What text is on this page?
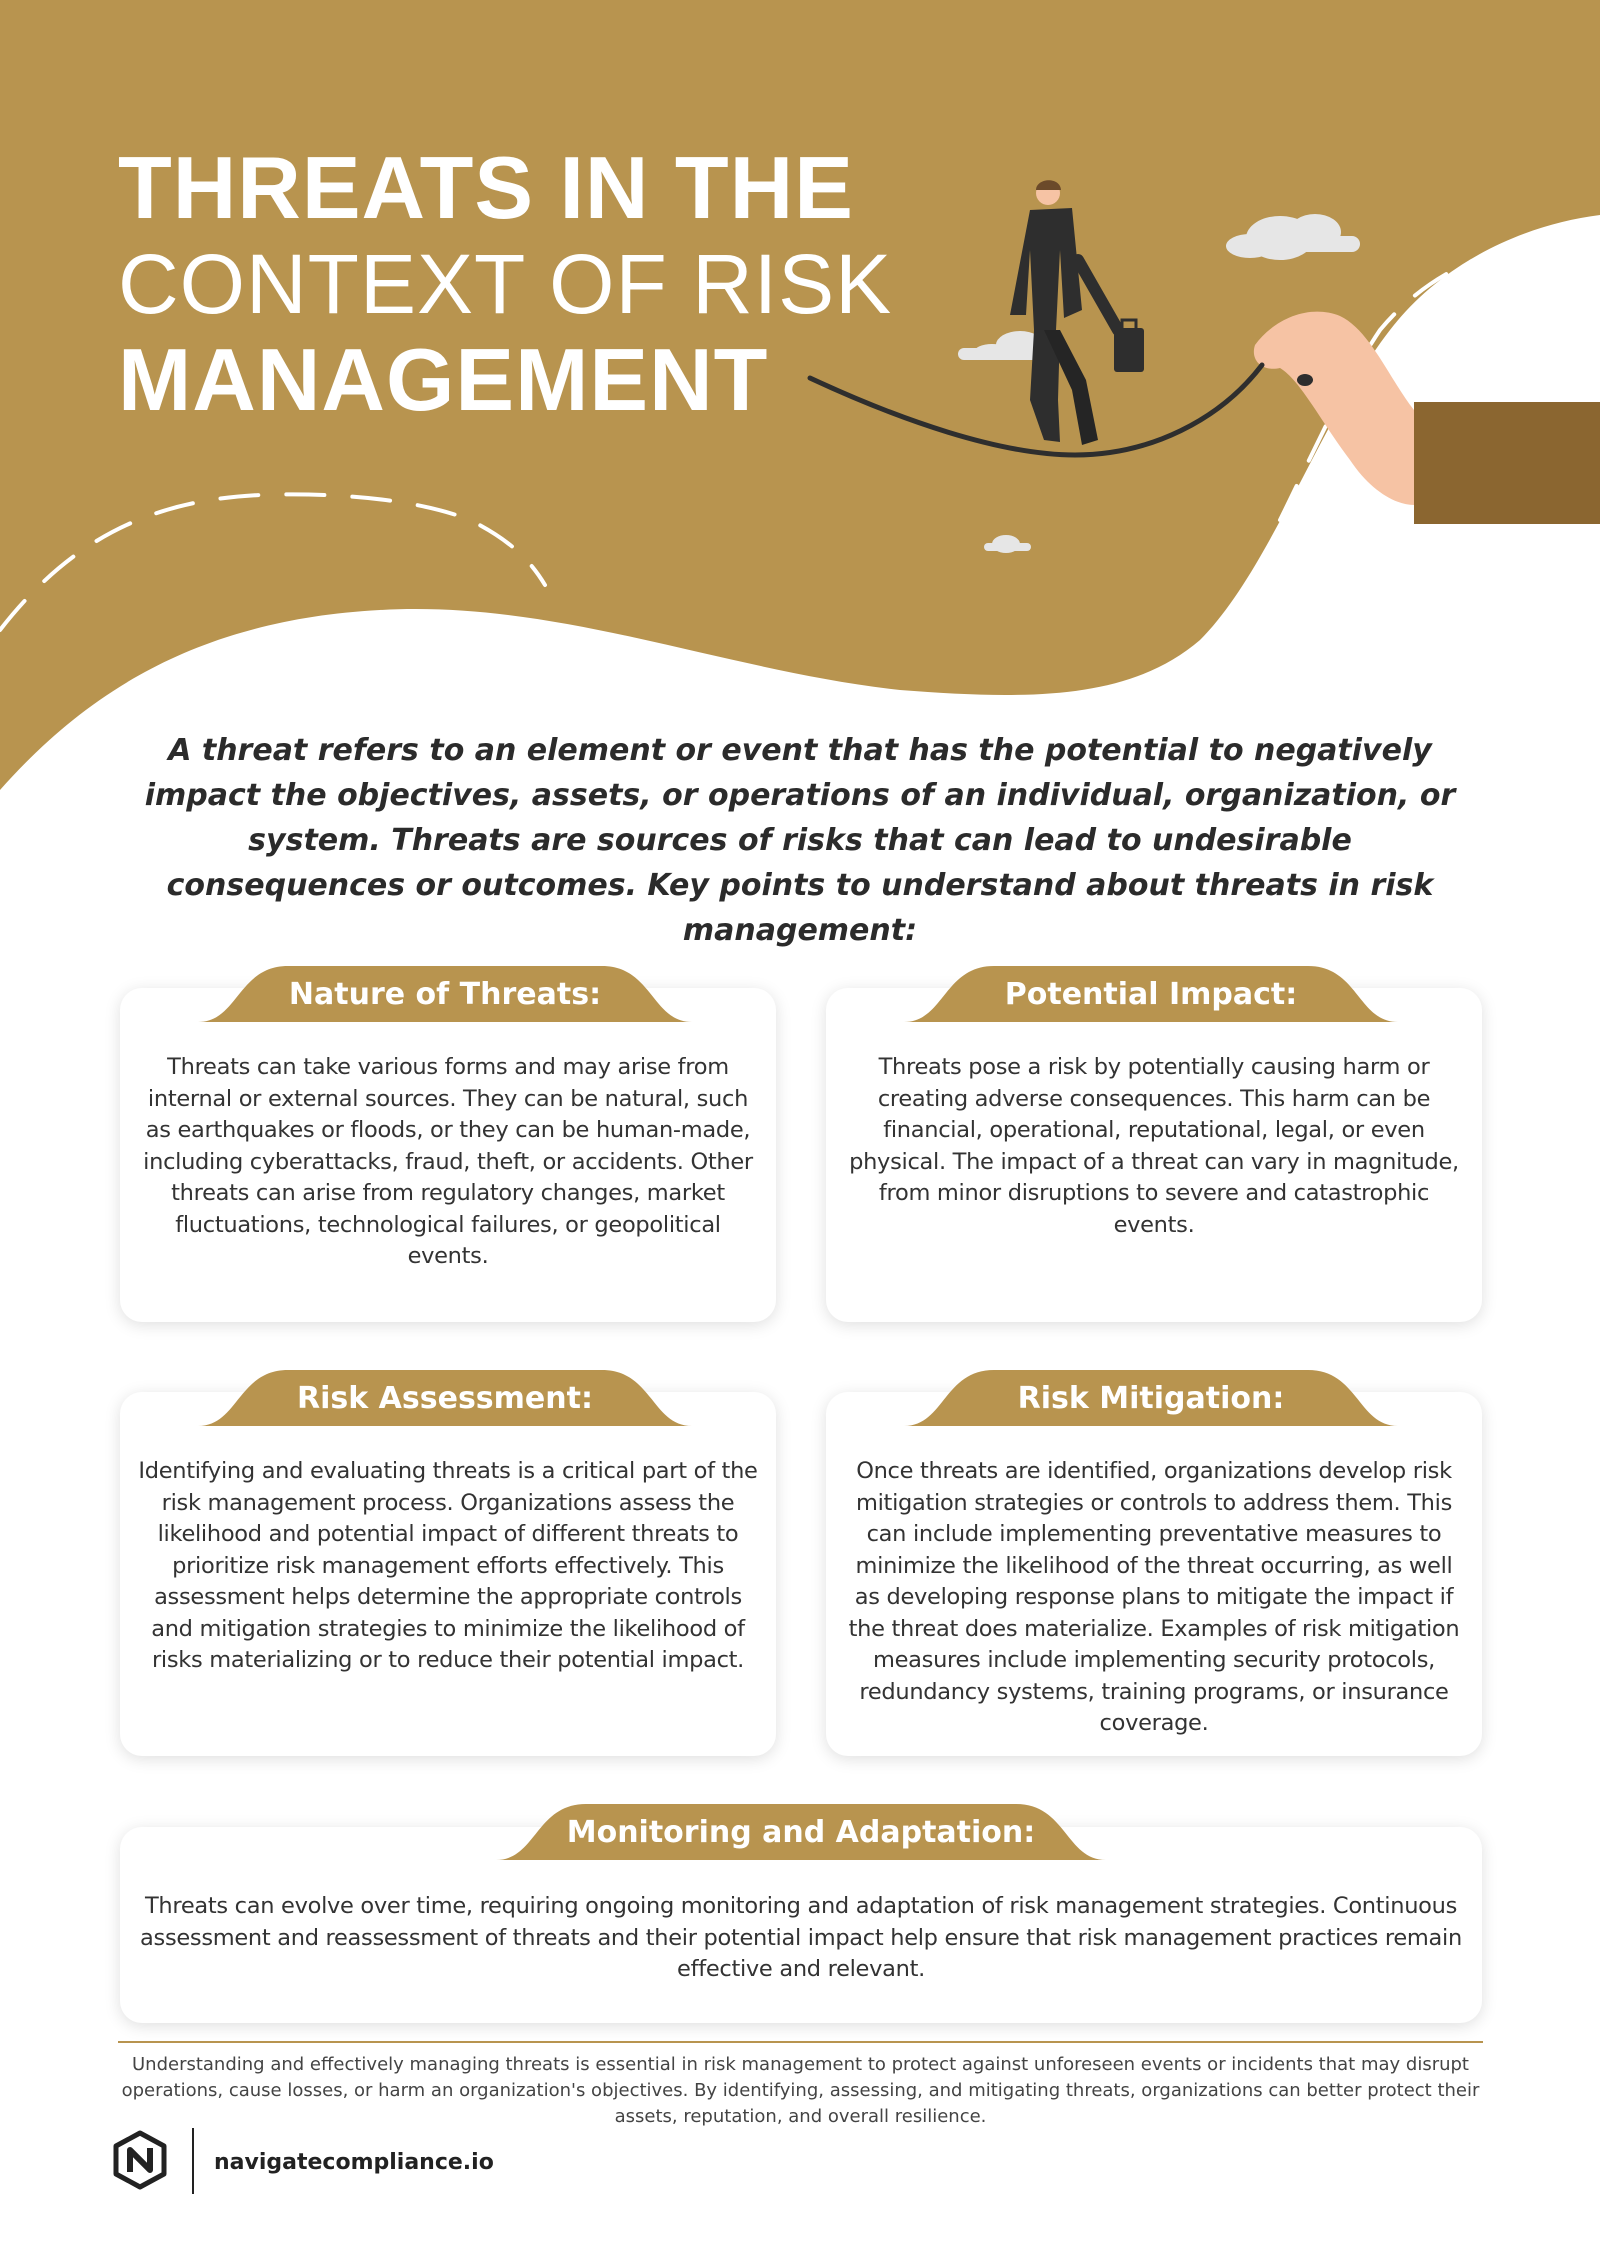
THREATS IN THE
CONTEXT OF RISK
MANAGEMENT

A threat refers to an element or event that has the potential to negatively impact the objectives, assets, or operations of an individual, organization, or system. Threats are sources of risks that can lead to undesirable consequences or outcomes. Key points to understand about threats in risk management:

Threats can take various forms and may arise from internal or external sources. They can be natural, such as earthquakes or floods, or they can be human-made, including cyberattacks, fraud, theft, or accidents. Other threats can arise from regulatory changes, market fluctuations, technological failures, or geopolitical events.

Nature of Threats:

Threats pose a risk by potentially causing harm or creating adverse consequences. This harm can be financial, operational, reputational, legal, or even physical. The impact of a threat can vary in magnitude, from minor disruptions to severe and catastrophic events.

Potential Impact:

Identifying and evaluating threats is a critical part of the risk management process. Organizations assess the likelihood and potential impact of different threats to prioritize risk management efforts effectively. This assessment helps determine the appropriate controls and mitigation strategies to minimize the likelihood of risks materializing or to reduce their potential impact.

Risk Assessment:

Once threats are identified, organizations develop risk mitigation strategies or controls to address them. This can include implementing preventative measures to minimize the likelihood of the threat occurring, as well as developing response plans to mitigate the impact if the threat does materialize. Examples of risk mitigation measures include implementing security protocols, redundancy systems, training programs, or insurance coverage.

Risk Mitigation:

Threats can evolve over time, requiring ongoing monitoring and adaptation of risk management strategies. Continuous assessment and reassessment of threats and their potential impact help ensure that risk management practices remain effective and relevant.

Monitoring and Adaptation:

Understanding and effectively managing threats is essential in risk management to protect against unforeseen events or incidents that may disrupt operations, cause losses, or harm an organization's objectives. By identifying, assessing, and mitigating threats, organizations can better protect their assets, reputation, and overall resilience.

navigatecompliance.io
